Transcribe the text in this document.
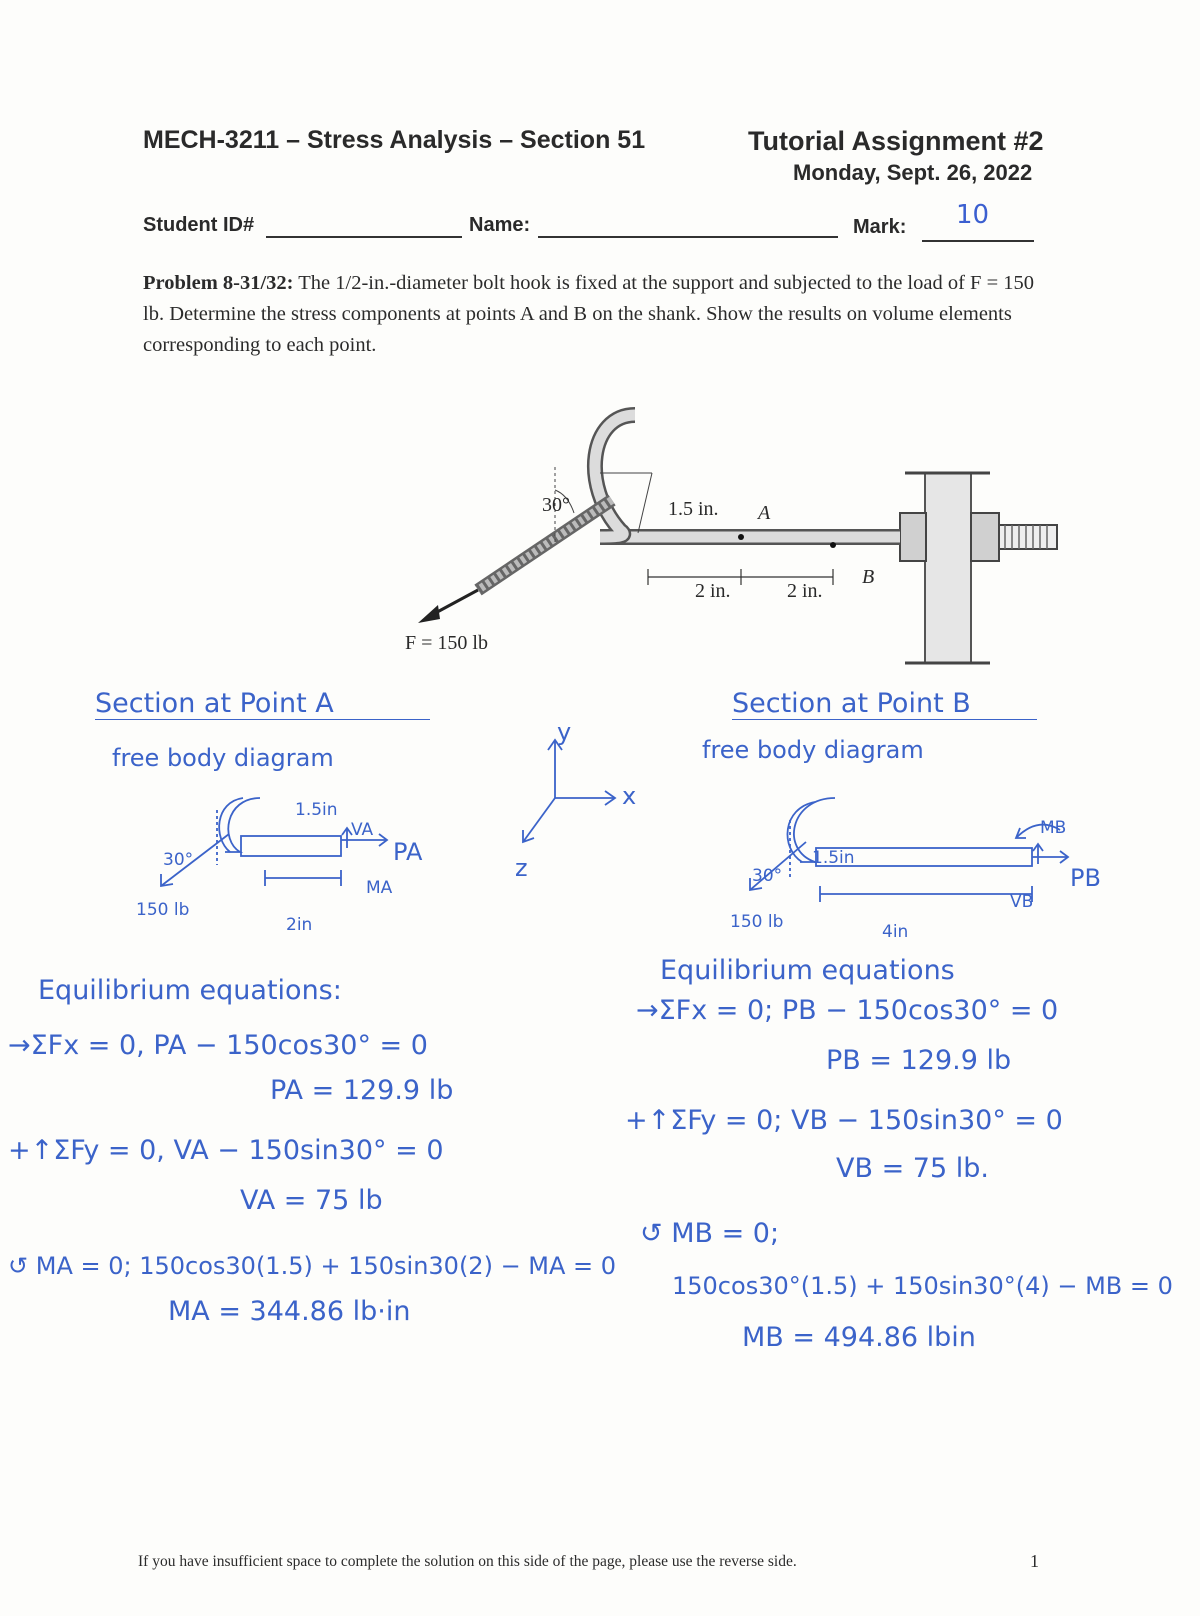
MECH-3211 – Stress Analysis – Section 51	Tutorial Assignment #2
Monday, Sept. 26, 2022
Student ID#	Name:	Mark: 10
Problem 8-31/32: The 1/2-in.-diameter bolt hook is fixed at the support and subjected to the load of F = 150 lb. Determine the stress components at points A and B on the shank. Show the results on volume elements corresponding to each point.
30°	1.5 in. A
B
2 in.	2 in.
F = 150 lb
y
x
z
Section at Point A
free body diagram
1.5in
30°
150 lb
2in
VA
PA
MA
Equilibrium equations:
→ΣFx = 0, PA − 150cos30° = 0
PA = 129.9 lb
+↑ΣFy = 0, VA − 150sin30° = 0
VA = 75 lb
↺ MA = 0; 150cos30(1.5) + 150sin30(2) − MA = 0
MA = 344.86 lb·in
Section at Point B
free body diagram
1.5in
30°
150 lb	4in
VB
PB
MB
Equilibrium equations
→ΣFx = 0; PB − 150cos30° = 0
PB = 129.9 lb
+↑ΣFy = 0; VB − 150sin30° = 0
VB = 75 lb.
↺ MB = 0;
150cos30°(1.5) + 150sin30°(4) − MB = 0
MB = 494.86 lbin
If you have insufficient space to complete the solution on this side of the page, please use the reverse side.	1
